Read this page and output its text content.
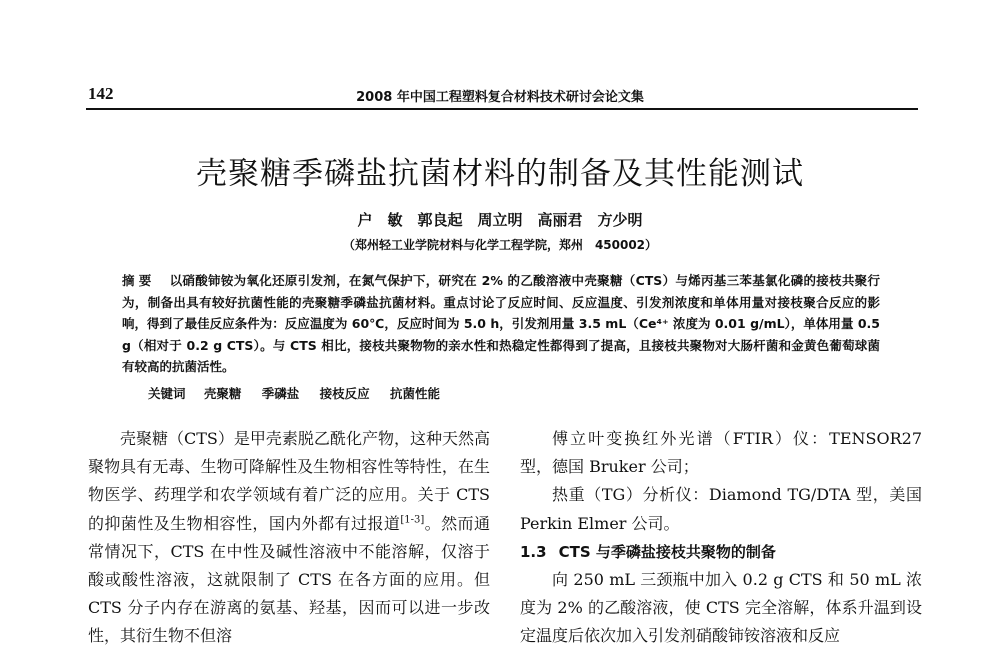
142	2008 年中国工程塑料复合材料技术研讨会论文集
壳聚糖季磷盐抗菌材料的制备及其性能测试
户　敏　郭良起　周立明　高丽君　方少明
（郑州轻工业学院材料与化学工程学院，郑州　450002）
摘要 以硝酸铈铵为氧化还原引发剂，在氮气保护下，研究在 2% 的乙酸溶液中壳聚糖（CTS）与烯丙基三苯基氯化磷的接枝共聚行为，制备出具有较好抗菌性能的壳聚糖季磷盐抗菌材料。重点讨论了反应时间、反应温度、引发剂浓度和单体用量对接枝聚合反应的影响，得到了最佳反应条件为：反应温度为 60℃，反应时间为 5.0 h，引发剂用量 3.5 mL（Ce⁴⁺ 浓度为 0.01 g/mL），单体用量 0.5 g（相对于 0.2 g CTS）。与 CTS 相比，接枝共聚物物的亲水性和热稳定性都得到了提高，且接枝共聚物对大肠杆菌和金黄色葡萄球菌有较高的抗菌活性。
关键词 壳聚糖 季磷盐 接枝反应 抗菌性能

壳聚糖（CTS）是甲壳素脱乙酰化产物，这种天然高聚物具有无毒、生物可降解性及生物相容性等特性，在生物医学、药理学和农学领域有着广泛的应用。关于 CTS 的抑菌性及生物相容性，国内外都有过报道[1-3]。然而通常情况下，CTS 在中性及碱性溶液中不能溶解，仅溶于酸或酸性溶液，这就限制了 CTS 在各方面的应用。但 CTS 分子内存在游离的氨基、羟基，因而可以进一步改性，其衍生物不但溶

傅立叶变换红外光谱（FTIR）仪：TENSOR27 型，德国 Bruker 公司；

热重（TG）分析仪：Diamond TG/DTA 型，美国 Perkin Elmer 公司。

1.3 CTS 与季磷盐接枝共聚物的制备

向 250 mL 三颈瓶中加入 0.2 g CTS 和 50 mL 浓度为 2% 的乙酸溶液，使 CTS 完全溶解，体系升温到设定温度后依次加入引发剂硝酸铈铵溶液和反应
